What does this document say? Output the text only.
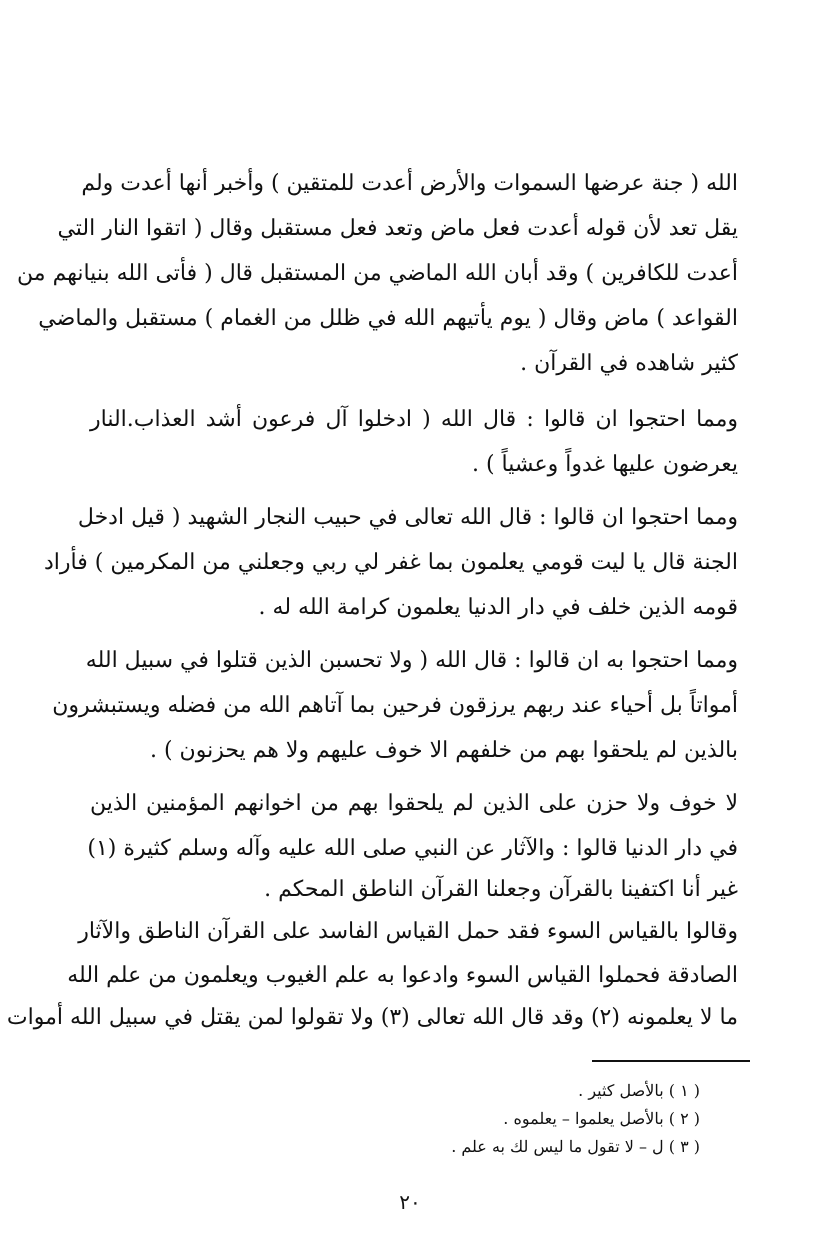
الله ( جنة عرضها السموات والأرض أعدت للمتقين ) وأخبر أنها أعدت ولم
يقل تعد لأن قوله أعدت فعل ماض وتعد فعل مستقبل وقال ( اتقوا النار التي
أعدت للكافرين ) وقد أبان الله الماضي من المستقبل قال ( فأتى الله بنيانهم من
القواعد ) ماض وقال ( يوم يأتيهم الله في ظلل من الغمام ) مستقبل والماضي
كثير شاهده في القرآن .
ومما احتجوا ان قالوا : قال الله ( ادخلوا آل فرعون أشد العذاب.النار
يعرضون عليها غدواً وعشياً ) .
ومما احتجوا ان قالوا : قال الله تعالى في حبيب النجار الشهيد ( قيل ادخل
الجنة قال يا ليت قومي يعلمون بما غفر لي ربي وجعلني من المكرمين ) فأراد
قومه الذين خلف في دار الدنيا يعلمون كرامة الله له .
ومما احتجوا به ان قالوا : قال الله ( ولا تحسبن الذين قتلوا في سبيل الله
أمواتاً بل أحياء عند ربهم يرزقون فرحين بما آتاهم الله من فضله ويستبشرون
بالذين لم يلحقوا بهم من خلفهم الا خوف عليهم ولا هم يحزنون ) .
لا خوف ولا حزن على الذين لم يلحقوا بهم من اخوانهم المؤمنين الذين
في دار الدنيا قالوا : والآثار عن النبي صلى الله عليه وآله وسلم كثيرة (١)
غير أنا اكتفينا بالقرآن وجعلنا القرآن الناطق المحكم .
وقالوا بالقياس السوء فقد حمل القياس الفاسد على القرآن الناطق والآثار
الصادقة فحملوا القياس السوء وادعوا به علم الغيوب ويعلمون من علم الله
ما لا يعلمونه (٢) وقد قال الله تعالى (٣) ولا تقولوا لمن يقتل في سبيل الله أموات
( ١ ) بالأصل كثير .
( ٢ ) بالأصل يعلموا – يعلموه .
( ٣ ) ل – لا تقول ما ليس لك به علم .
٢٠
